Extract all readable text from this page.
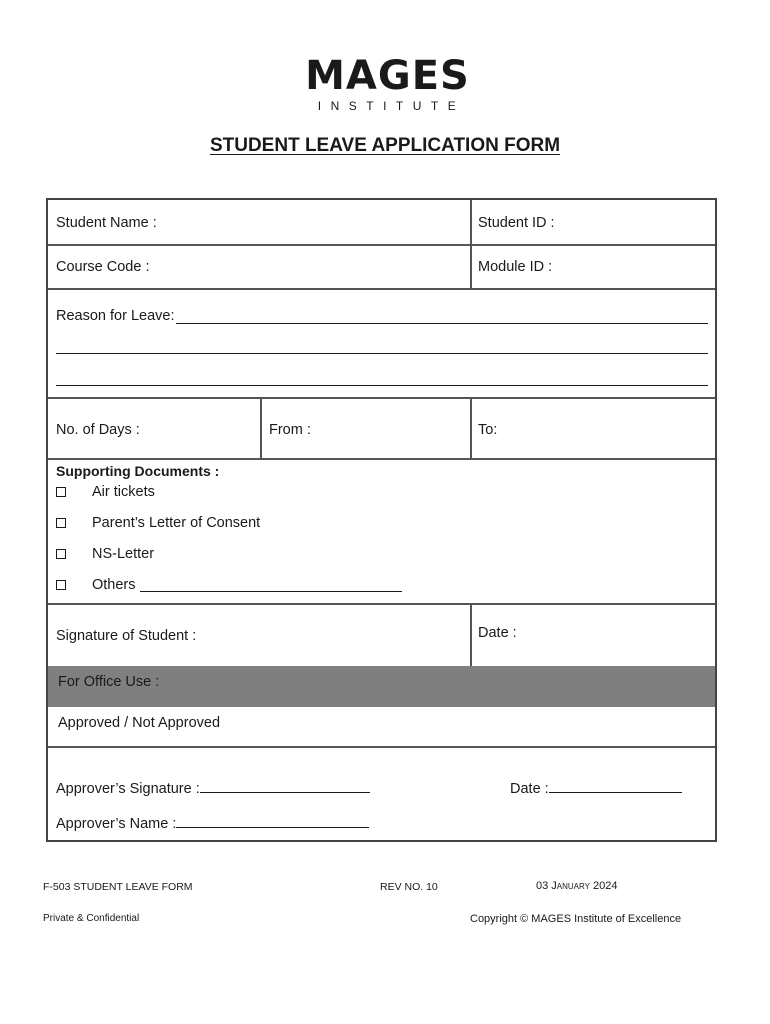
MAGES
INSTITUTE
STUDENT LEAVE APPLICATION FORM
Student Name :	Student ID :
Course Code :	Module ID :
Reason for Leave:
No. of Days :	From :	To:
Supporting Documents :
Air tickets
Parent’s Letter of Consent
NS-Letter
Others
Signature of Student :	Date :
For Office Use :
Approved / Not Approved
Approver’s Signature :	Date :
Approver’s Name :
F-503 STUDENT LEAVE FORM	REV NO. 10	03 January 2024
Private & Confidential	Copyright © MAGES Institute of Excellence
